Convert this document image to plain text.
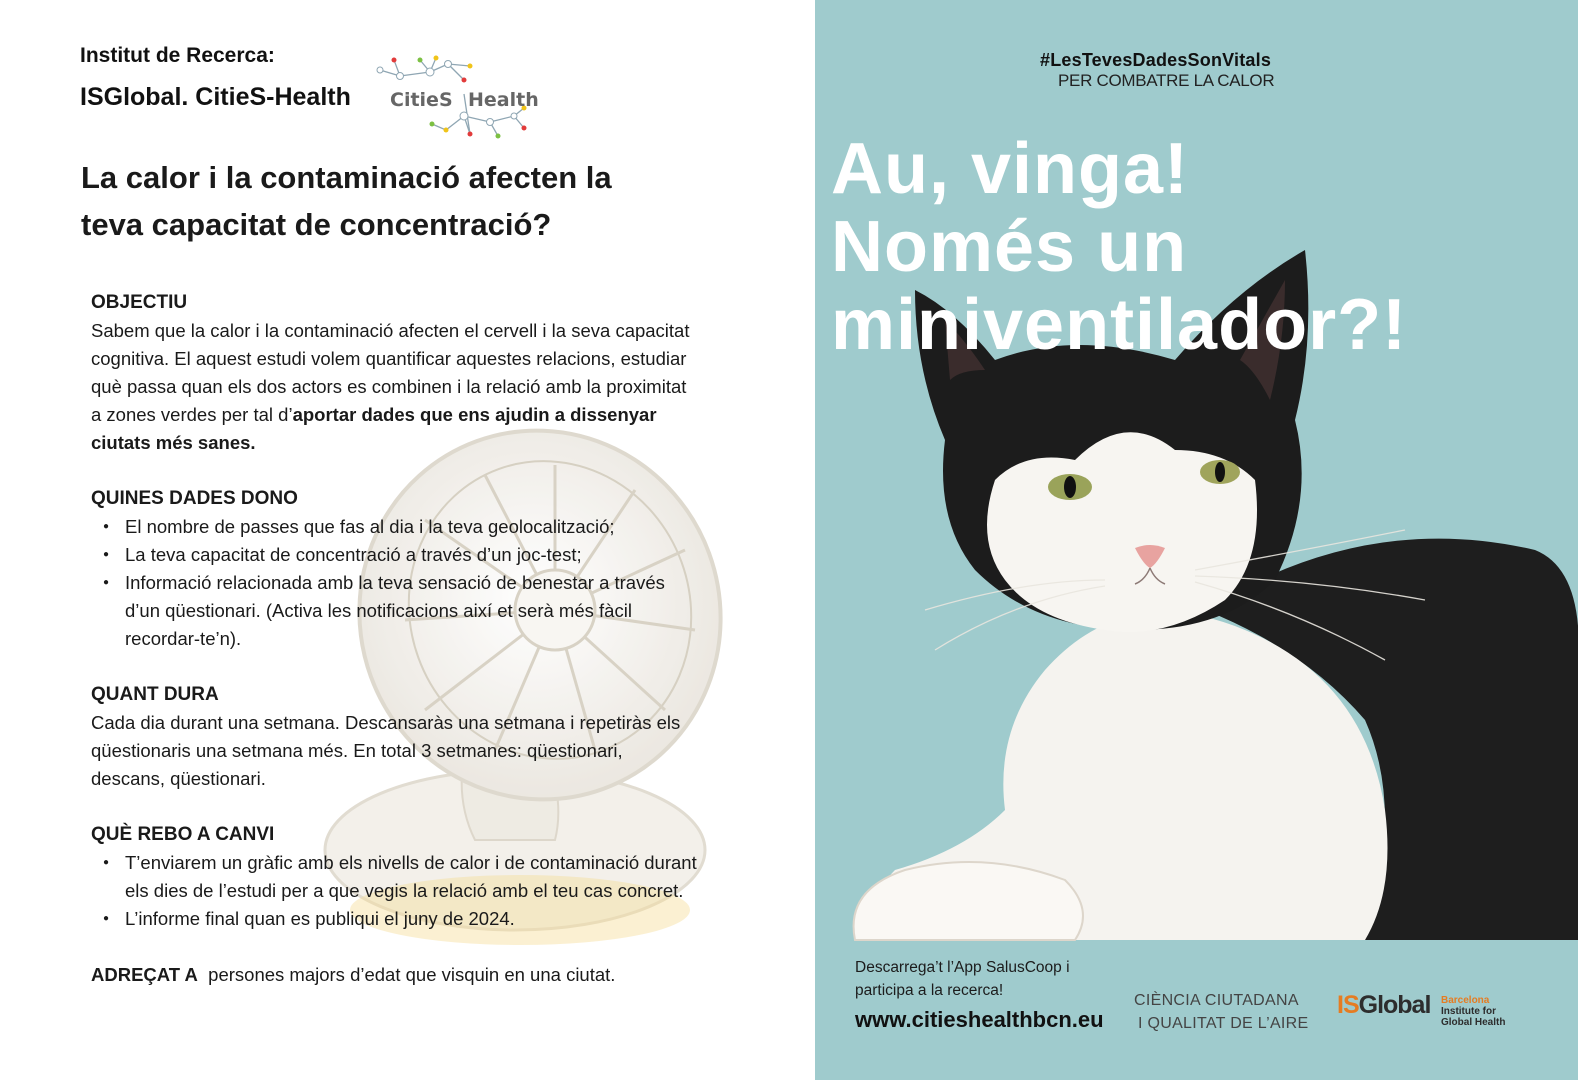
Institut de Recerca:
ISGlobal. CitieS-Health CitieS Health
La calor i la contaminació afecten la
teva capacitat de concentració?
OBJECTIU

Sabem que la calor i la contaminació afecten el cervell i la seva capacitat cognitiva. El aquest estudi volem quantificar aquestes relacions, estudiar què passa quan els dos actors es combinen i la relació amb la proximitat a zones verdes per tal d’aportar dades que ens ajudin a dissenyar ciutats més sanes.

QUINES DADES DONO
● El nombre de passes que fas al dia i la teva geolocalització;
● La teva capacitat de concentració a través d’un joc-test;
● Informació relacionada amb la teva sensació de benestar a través d’un qüestionari. (Activa les notificacions així et serà més fàcil recordar-te’n).
QUANT DURA

Cada dia durant una setmana. Descansaràs una setmana i repetiràs els qüestionaris una setmana més. En total 3 setmanes: qüestionari, descans, qüestionari.

QUÈ REBO A CANVI
● T’enviarem un gràfic amb els nivells de calor i de contaminació durant els dies de l’estudi per a que vegis la relació amb el teu cas concret.
● L’informe final quan es publiqui el juny de 2024.

ADREÇAT A persones majors d’edat que visquin en una ciutat.

#LesTevesDadesSonVitals
PER COMBATRE LA CALOR
Au, vinga!
Només un
miniventilador?!
Descarrega’t l’App SalusCoop i participa a la recerca!
www.citieshealthbcn.eu
CIÈNCIA CIUTADANA
I QUALITAT DE L’AIRE
ISGlobal Barcelona
Institute for
Global Health
